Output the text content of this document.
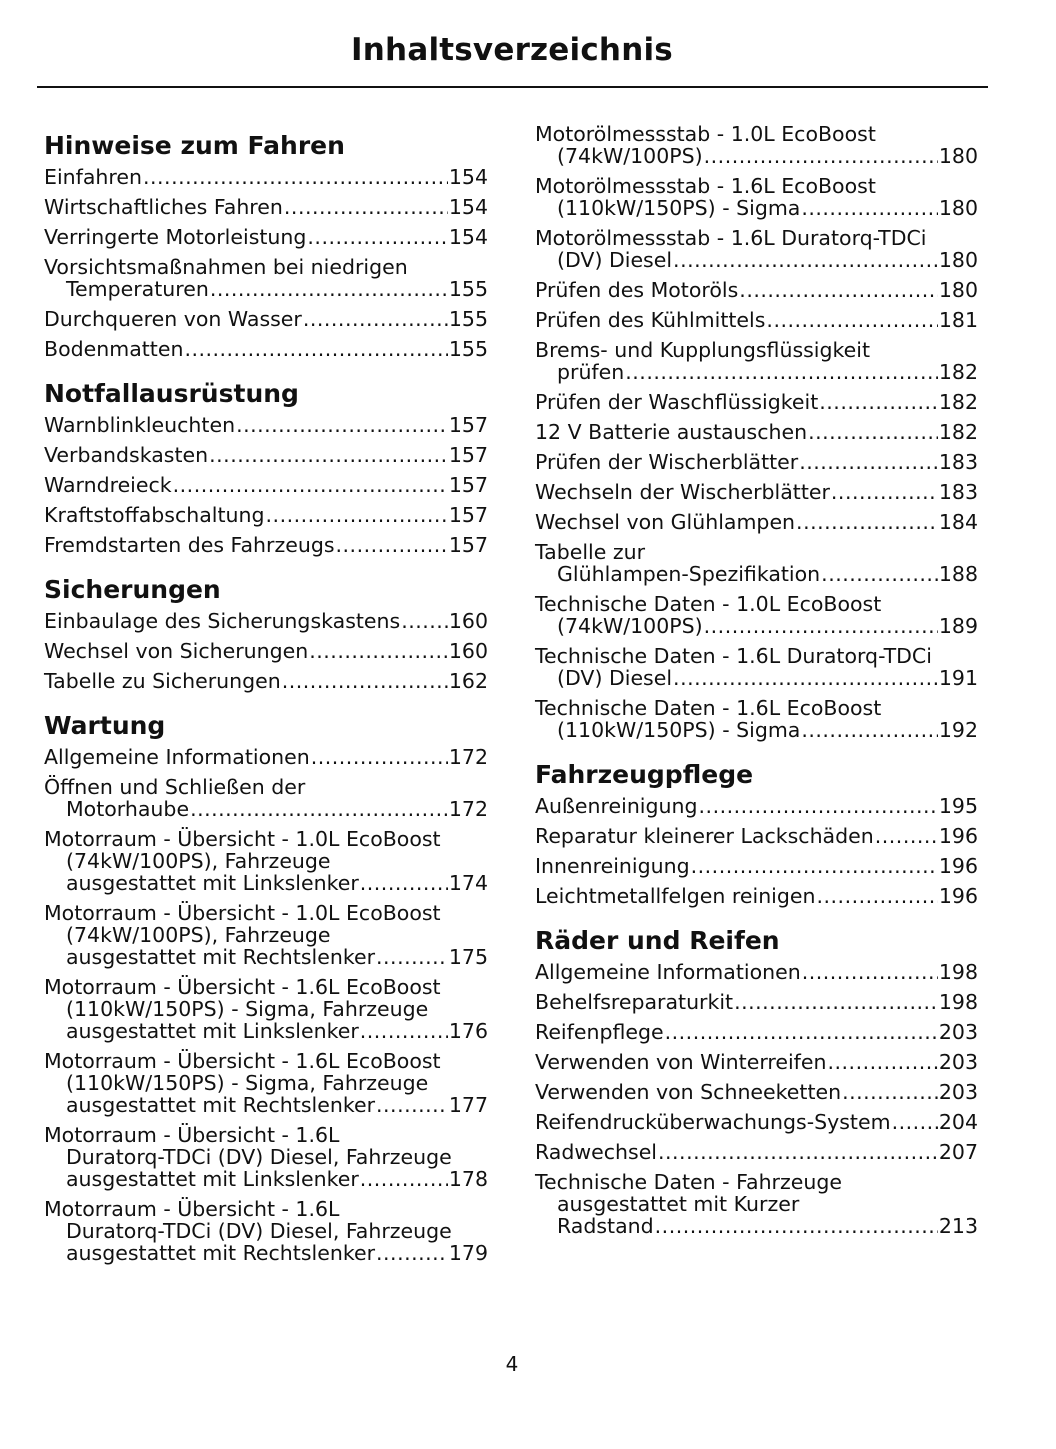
Inhaltsverzeichnis
Hinweise zum Fahren
Einfahren .....	154
Wirtschaftliches Fahren .....	154
Verringerte Motorleistung .....	154
Vorsichtsmaßnahmen bei niedrigen
Temperaturen .....	155
Durchqueren von Wasser .....	155
Bodenmatten .....	155
Notfallausrüstung
Warnblinkleuchten .....	157
Verbandskasten .....	157
Warndreieck .....	157
Kraftstoffabschaltung .....	157
Fremdstarten des Fahrzeugs .....	157
Sicherungen
Einbaulage des Sicherungskastens ..... 160
Wechsel von Sicherungen .....	160
Tabelle zu Sicherungen .....	162
Wartung
Allgemeine Informationen .....	172
Öffnen und Schließen der
Motorhaube .....	172
Motorraum - Übersicht - 1.0L EcoBoost
(74kW/100PS), Fahrzeuge
ausgestattet mit Linkslenker .....	174
Motorraum - Übersicht - 1.0L EcoBoost
(74kW/100PS), Fahrzeuge
ausgestattet mit Rechtslenker .....	175
Motorraum - Übersicht - 1.6L EcoBoost
(110kW/150PS) - Sigma, Fahrzeuge
ausgestattet mit Linkslenker .....	176
Motorraum - Übersicht - 1.6L EcoBoost
(110kW/150PS) - Sigma, Fahrzeuge
ausgestattet mit Rechtslenker .....	177
Motorraum - Übersicht - 1.6L
Duratorq-TDCi (DV) Diesel, Fahrzeuge
ausgestattet mit Linkslenker .....	178
Motorraum - Übersicht - 1.6L
Duratorq-TDCi (DV) Diesel, Fahrzeuge
ausgestattet mit Rechtslenker .....	179
Motorölmessstab - 1.0L EcoBoost
(74kW/100PS) .....	180
Motorölmessstab - 1.6L EcoBoost
(110kW/150PS) - Sigma .....	180
Motorölmessstab - 1.6L Duratorq-TDCi
(DV) Diesel .....	180
Prüfen des Motoröls .....	180
Prüfen des Kühlmittels .....	181
Brems- und Kupplungsflüssigkeit
prüfen .....	182
Prüfen der Waschflüssigkeit .....	182
12 V Batterie austauschen .....	182
Prüfen der Wischerblätter .....	183
Wechseln der Wischerblätter .....	183
Wechsel von Glühlampen .....	184
Tabelle zur
Glühlampen-Spezifikation .....	188
Technische Daten - 1.0L EcoBoost
(74kW/100PS) .....	189
Technische Daten - 1.6L Duratorq-TDCi
(DV) Diesel .....	191
Technische Daten - 1.6L EcoBoost
(110kW/150PS) - Sigma .....	192
Fahrzeugpflege
Außenreinigung .....	195
Reparatur kleinerer Lackschäden .....	196
Innenreinigung .....	196
Leichtmetallfelgen reinigen .....	196
Räder und Reifen
Allgemeine Informationen .....	198
Behelfsreparaturkit .....	198
Reifenpflege .....	203
Verwenden von Winterreifen .....	203
Verwenden von Schneeketten .....	203
Reifendrucküberwachungs-System ..... 204
Radwechsel .....	207
Technische Daten - Fahrzeuge
ausgestattet mit Kurzer
Radstand .....	213
4
